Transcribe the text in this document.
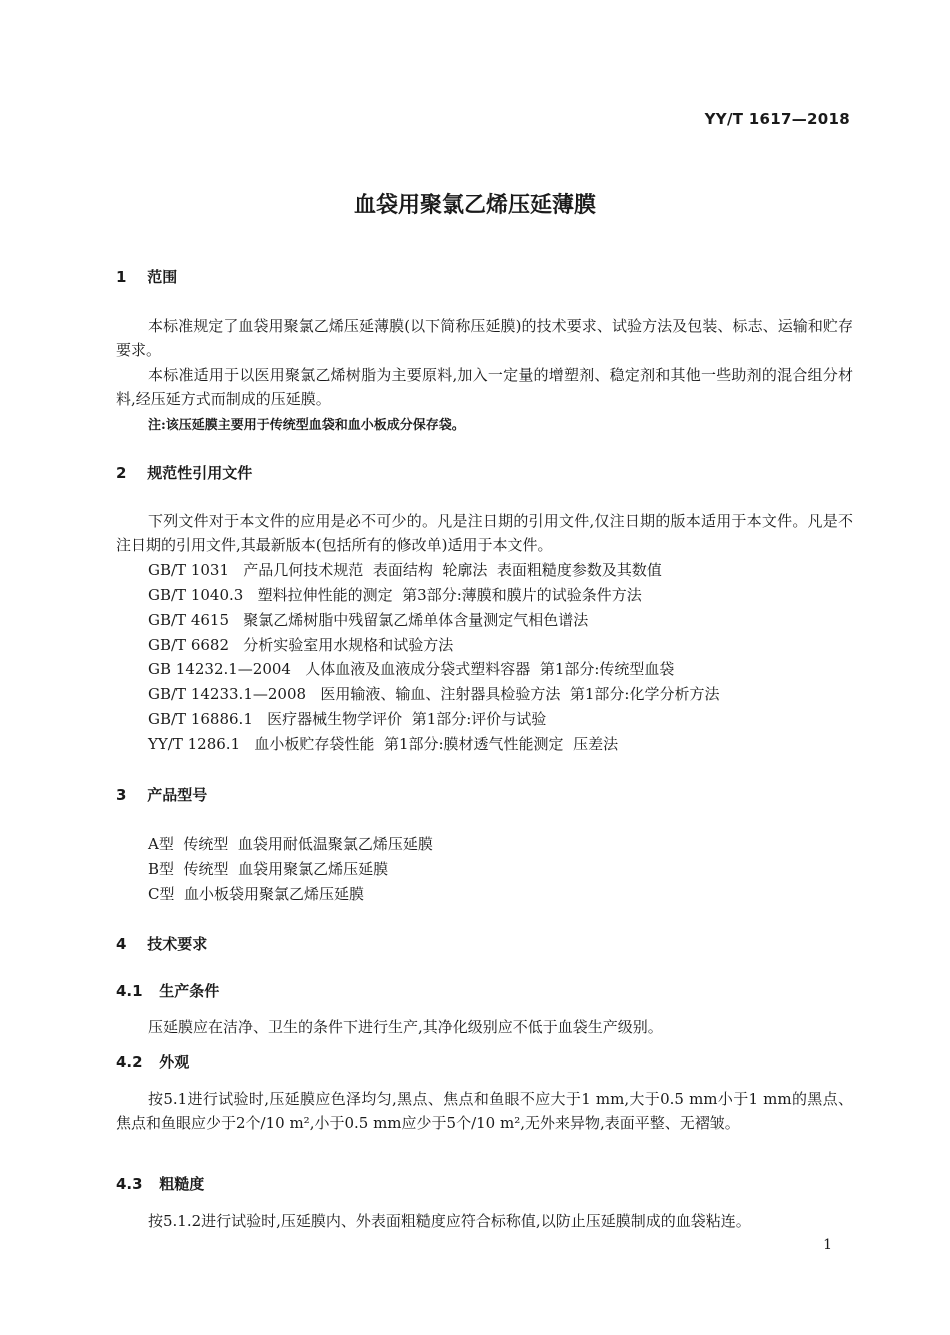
YY/T 1617—2018
血袋用聚氯乙烯压延薄膜
1 范围
本标准规定了血袋用聚氯乙烯压延薄膜(以下简称压延膜)的技术要求、试验方法及包装、标志、运输和贮存要求。
本标准适用于以医用聚氯乙烯树脂为主要原料,加入一定量的增塑剂、稳定剂和其他一些助剂的混合组分材料,经压延方式而制成的压延膜。
注:该压延膜主要用于传统型血袋和血小板成分保存袋。
2 规范性引用文件
下列文件对于本文件的应用是必不可少的。凡是注日期的引用文件,仅注日期的版本适用于本文件。凡是不注日期的引用文件,其最新版本(包括所有的修改单)适用于本文件。
GB/T 1031   产品几何技术规范  表面结构  轮廓法  表面粗糙度参数及其数值
GB/T 1040.3   塑料拉伸性能的测定  第3部分:薄膜和膜片的试验条件方法
GB/T 4615   聚氯乙烯树脂中残留氯乙烯单体含量测定气相色谱法
GB/T 6682   分析实验室用水规格和试验方法
GB 14232.1—2004   人体血液及血液成分袋式塑料容器  第1部分:传统型血袋
GB/T 14233.1—2008   医用输液、输血、注射器具检验方法  第1部分:化学分析方法
GB/T 16886.1   医疗器械生物学评价  第1部分:评价与试验
YY/T 1286.1   血小板贮存袋性能  第1部分:膜材透气性能测定  压差法
3 产品型号
A型  传统型  血袋用耐低温聚氯乙烯压延膜
B型  传统型  血袋用聚氯乙烯压延膜
C型  血小板袋用聚氯乙烯压延膜
4 技术要求
4.1 生产条件
压延膜应在洁净、卫生的条件下进行生产,其净化级别应不低于血袋生产级别。
4.2 外观
按5.1进行试验时,压延膜应色泽均匀,黑点、焦点和鱼眼不应大于1 mm,大于0.5 mm小于1 mm的黑点、焦点和鱼眼应少于2个/10 m²,小于0.5 mm应少于5个/10 m²,无外来异物,表面平整、无褶皱。
4.3 粗糙度
按5.1.2进行试验时,压延膜内、外表面粗糙度应符合标称值,以防止压延膜制成的血袋粘连。
1
